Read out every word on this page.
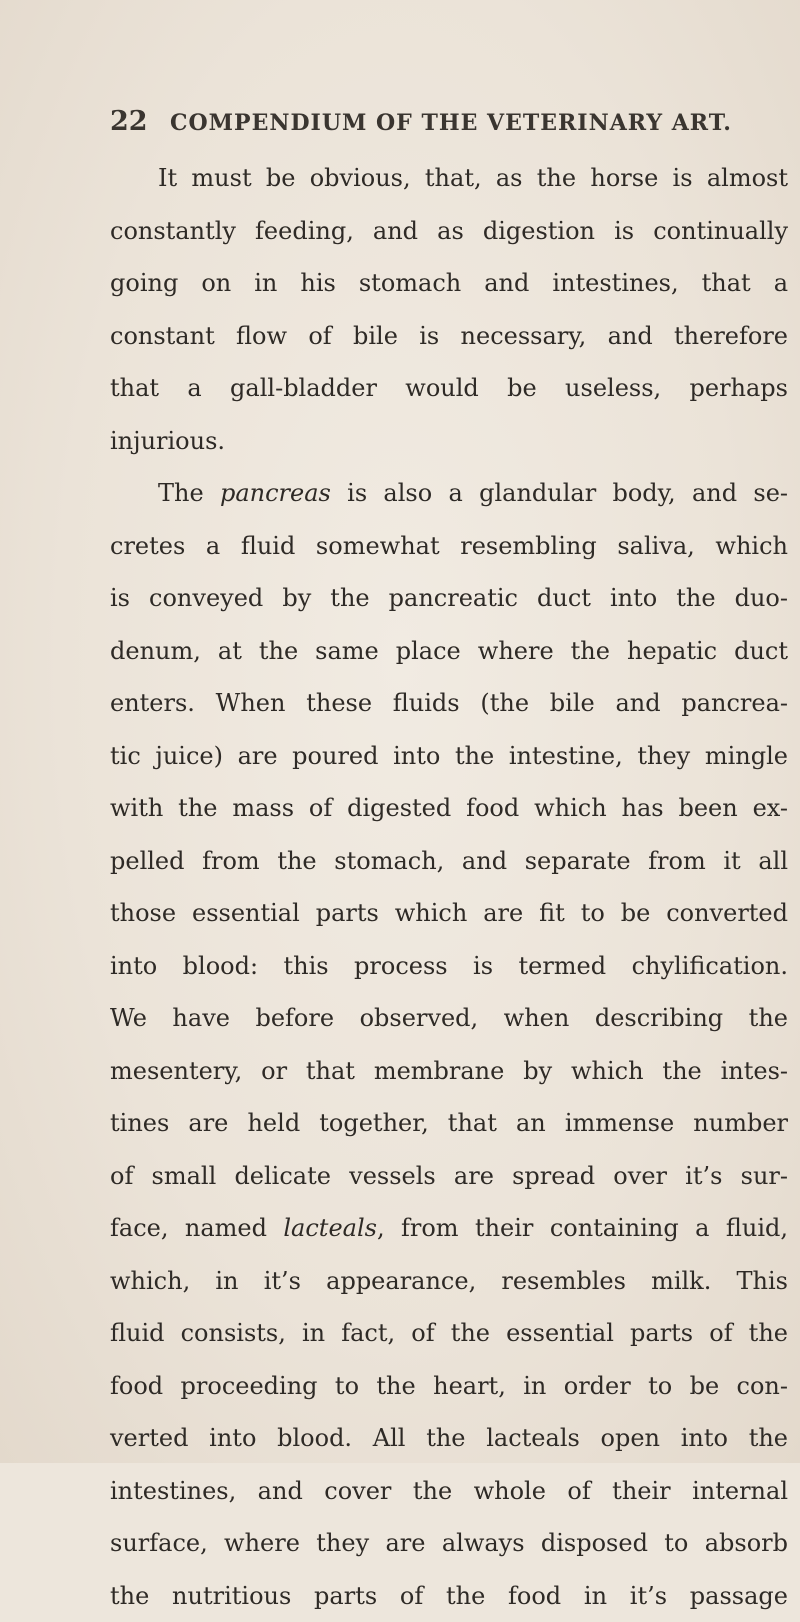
22 COMPENDIUM OF THE VETERINARY ART.
It must be obvious, that, as the horse is almost
constantly feeding, and as digestion is continually
going on in his stomach and intestines, that a
constant flow of bile is necessary, and therefore
that a gall-bladder would be useless, perhaps
injurious.
The pancreas is also a glandular body, and se-
cretes a fluid somewhat resembling saliva, which
is conveyed by the pancreatic duct into the duo-
denum, at the same place where the hepatic duct
enters. When these fluids (the bile and pancrea-
tic juice) are poured into the intestine, they mingle
with the mass of digested food which has been ex-
pelled from the stomach, and separate from it all
those essential parts which are fit to be converted
into blood: this process is termed chylification.
We have before observed, when describing the
mesentery, or that membrane by which the intes-
tines are held together, that an immense number
of small delicate vessels are spread over it’s sur-
face, named lacteals, from their containing a fluid,
which, in it’s appearance, resembles milk. This
fluid consists, in fact, of the essential parts of the
food proceeding to the heart, in order to be con-
verted into blood. All the lacteals open into the
intestines, and cover the whole of their internal
surface, where they are always disposed to absorb
the nutritious parts of the food in it’s passage
